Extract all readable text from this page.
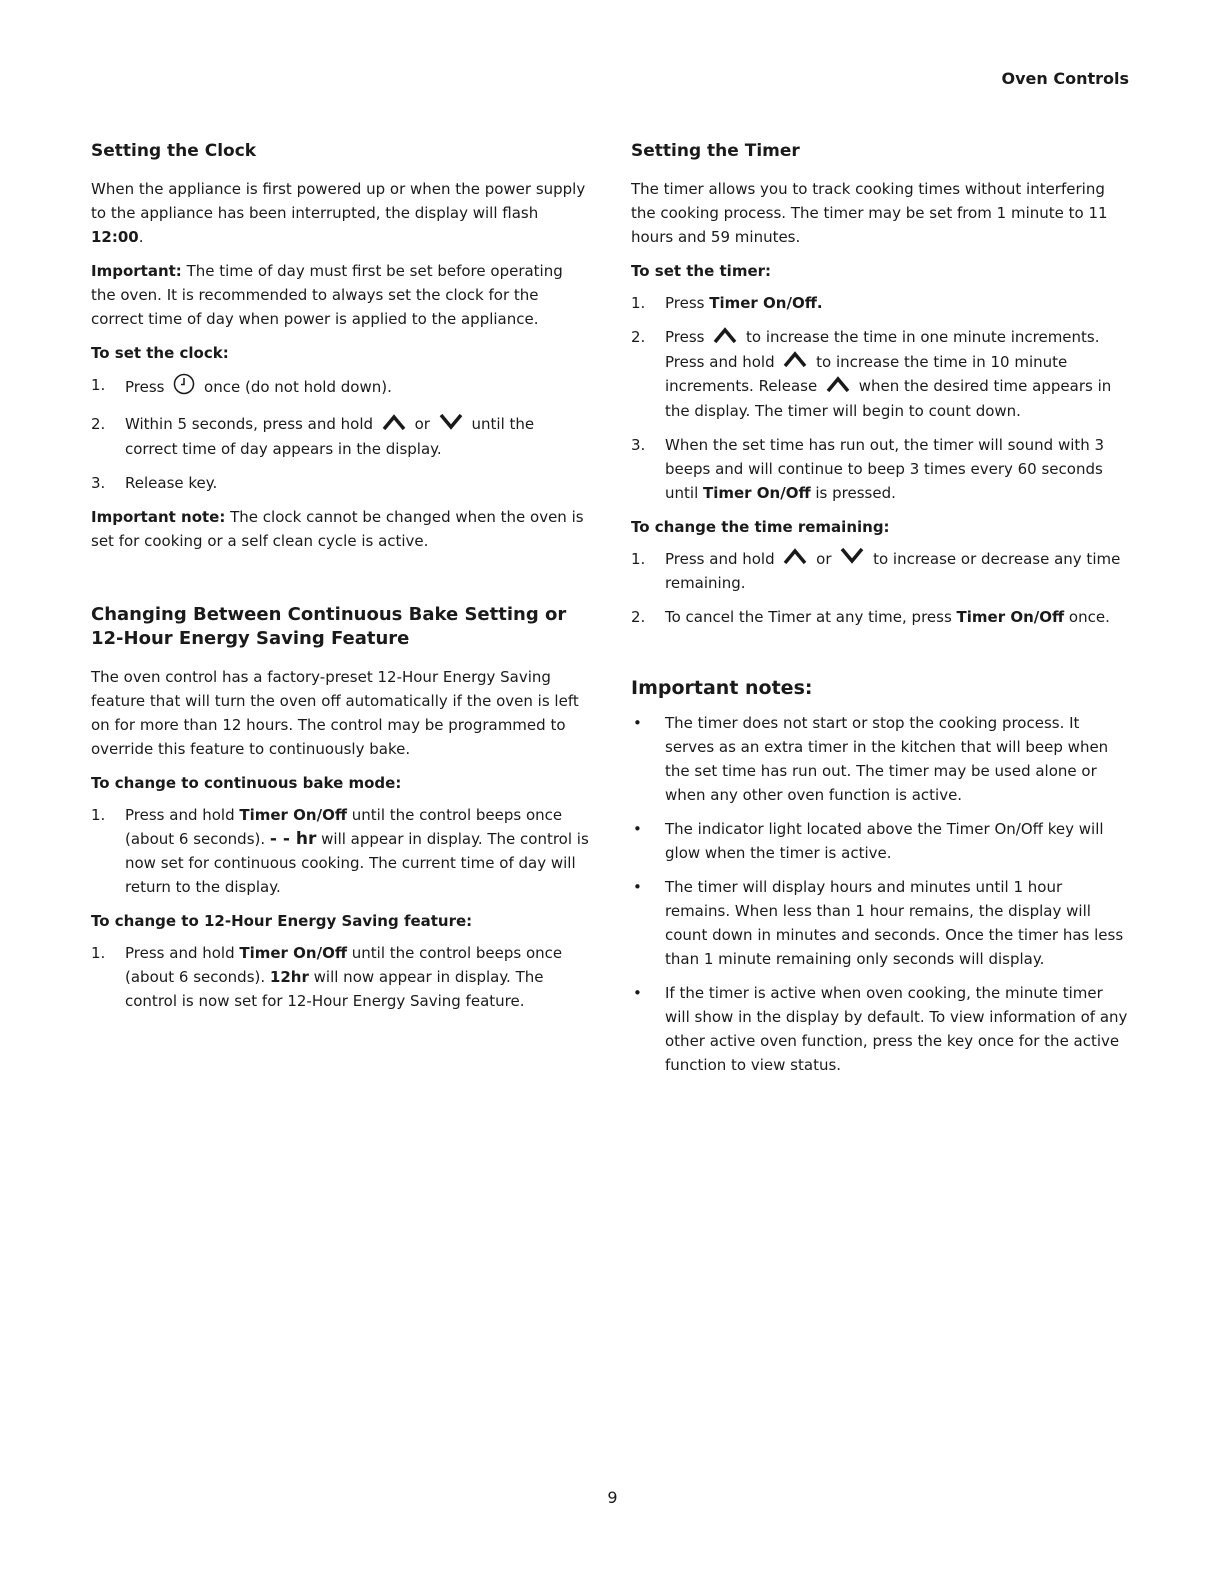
Oven Controls
Setting the Clock

When the appliance is first powered up or when the power supply to the appliance has been interrupted, the display will flash 12:00.

Important: The time of day must first be set before operating the oven. It is recommended to always set the clock for the correct time of day when power is applied to the appliance.

To set the clock:
1. Press	once (do not hold down).
2. Within 5 seconds, press and hold	or	until the correct time of day appears in the display.
3. Release key.

Important note: The clock cannot be changed when the oven is set for cooking or a self clean cycle is active.

Changing Between Continuous Bake Setting or 12-Hour Energy Saving Feature

The oven control has a factory-preset 12-Hour Energy Saving feature that will turn the oven off automatically if the oven is left on for more than 12 hours. The control may be programmed to override this feature to continuously bake.

To change to continuous bake mode:
1. Press and hold Timer On/Off until the control beeps once (about 6 seconds). - - hr will appear in display. The control is now set for continuous cooking. The current time of day will return to the display.
To change to 12-Hour Energy Saving feature:
1. Press and hold Timer On/Off until the control beeps once (about 6 seconds). 12hr will now appear in display. The control is now set for 12-Hour Energy Saving feature.
Setting the Timer

The timer allows you to track cooking times without interfering the cooking process. The timer may be set from 1 minute to 11 hours and 59 minutes.

To set the timer:
1. Press Timer On/Off.
2. Press	to increase the time in one minute increments. Press and hold	to increase the time in 10 minute increments. Release	when the desired time appears in the display. The timer will begin to count down.
3. When the set time has run out, the timer will sound with 3 beeps and will continue to beep 3 times every 60 seconds until Timer On/Off is pressed.
To change the time remaining:
1. Press and hold	or	to increase or decrease any time remaining.
2. To cancel the Timer at any time, press Timer On/Off once.
Important notes:
• The timer does not start or stop the cooking process. It serves as an extra timer in the kitchen that will beep when the set time has run out. The timer may be used alone or when any other oven function is active.
• The indicator light located above the Timer On/Off key will glow when the timer is active.
• The timer will display hours and minutes until 1 hour remains. When less than 1 hour remains, the display will count down in minutes and seconds. Once the timer has less than 1 minute remaining only seconds will display.
• If the timer is active when oven cooking, the minute timer will show in the display by default. To view information of any other active oven function, press the key once for the active function to view status.
9
